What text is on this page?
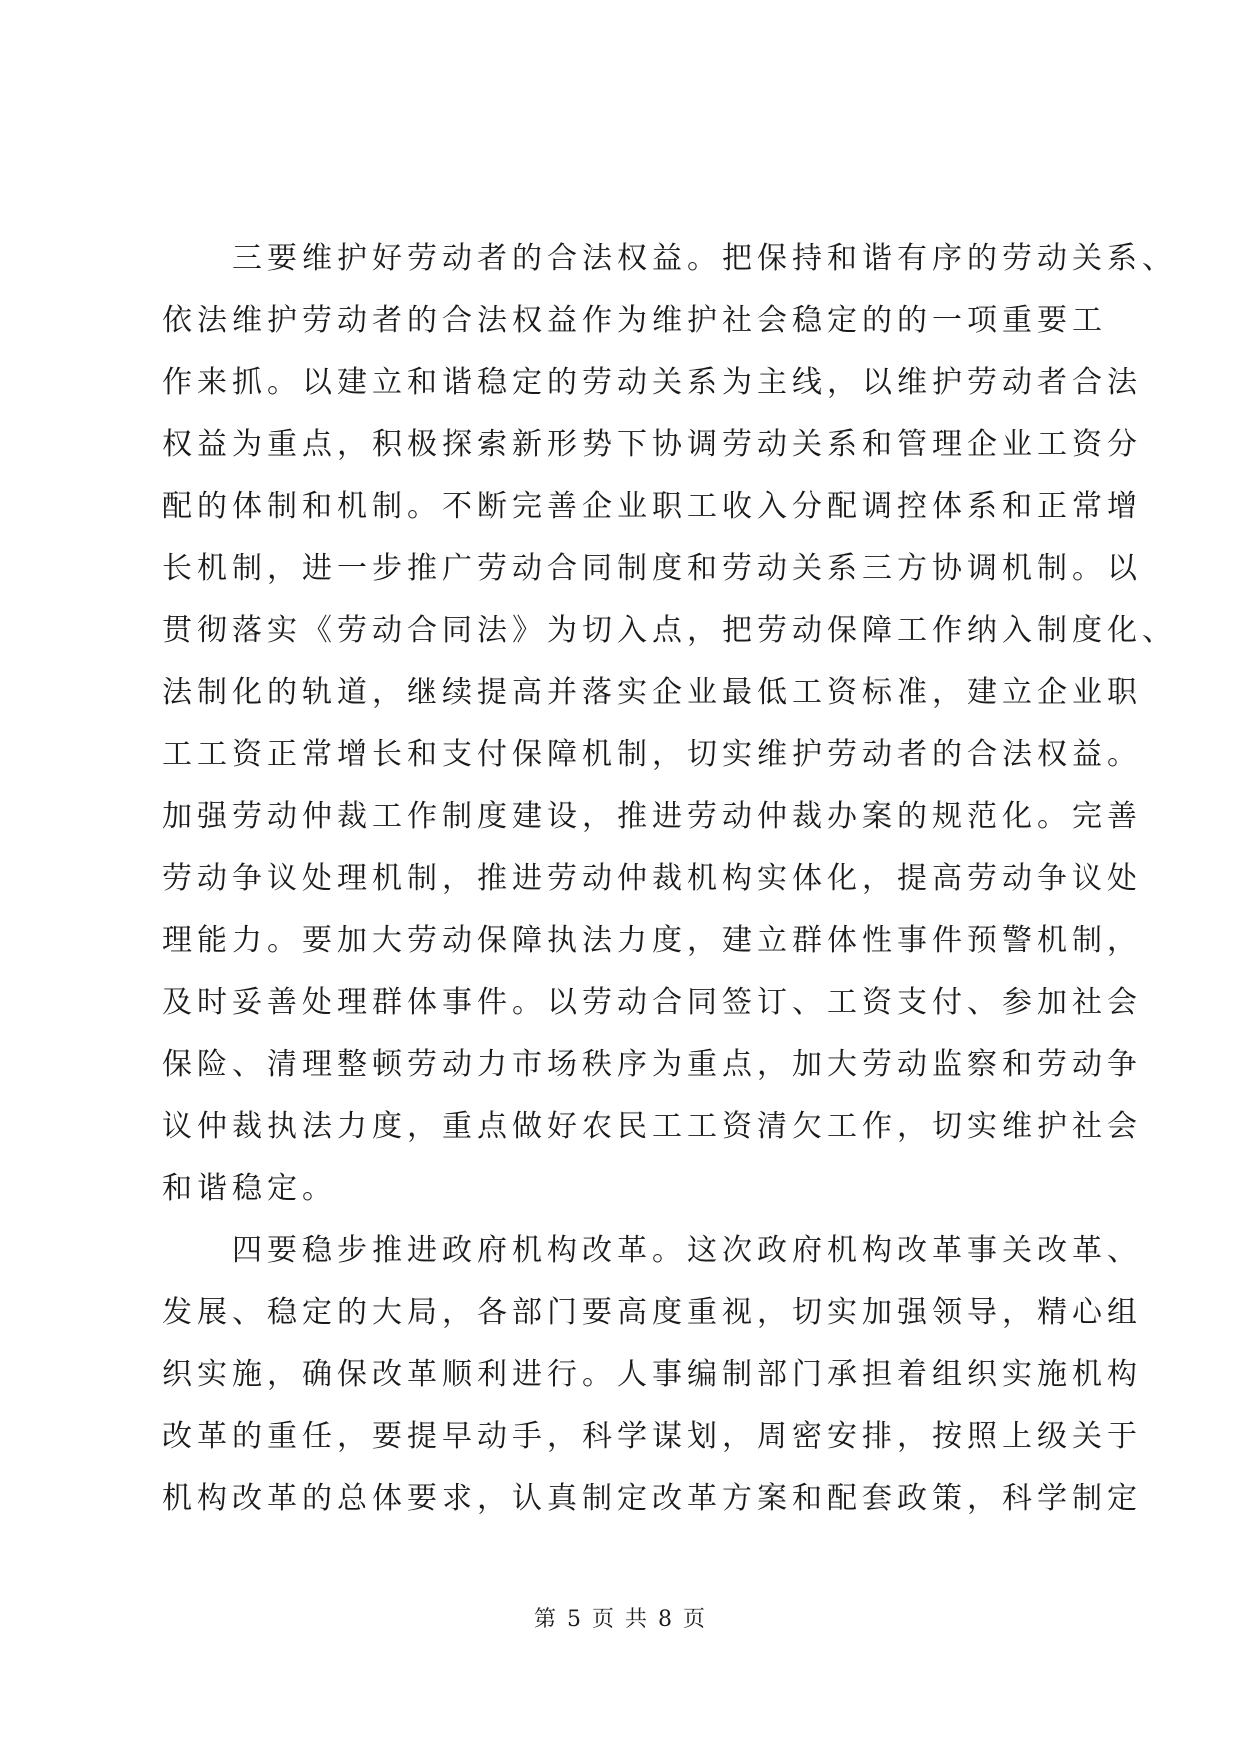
　　三要维护好劳动者的合法权益。把保持和谐有序的劳动关系、
依法维护劳动者的合法权益作为维护社会稳定的的一项重要工
作来抓。以建立和谐稳定的劳动关系为主线，以维护劳动者合法
权益为重点，积极探索新形势下协调劳动关系和管理企业工资分
配的体制和机制。不断完善企业职工收入分配调控体系和正常增
长机制，进一步推广劳动合同制度和劳动关系三方协调机制。以
贯彻落实《劳动合同法》为切入点，把劳动保障工作纳入制度化、
法制化的轨道，继续提高并落实企业最低工资标准，建立企业职
工工资正常增长和支付保障机制，切实维护劳动者的合法权益。
加强劳动仲裁工作制度建设，推进劳动仲裁办案的规范化。完善
劳动争议处理机制，推进劳动仲裁机构实体化，提高劳动争议处
理能力。要加大劳动保障执法力度，建立群体性事件预警机制，
及时妥善处理群体事件。以劳动合同签订、工资支付、参加社会
保险、清理整顿劳动力市场秩序为重点，加大劳动监察和劳动争
议仲裁执法力度，重点做好农民工工资清欠工作，切实维护社会
和谐稳定。
　　四要稳步推进政府机构改革。这次政府机构改革事关改革、
发展、稳定的大局，各部门要高度重视，切实加强领导，精心组
织实施，确保改革顺利进行。人事编制部门承担着组织实施机构
改革的重任，要提早动手，科学谋划，周密安排，按照上级关于
机构改革的总体要求，认真制定改革方案和配套政策，科学制定
第 5 页 共 8 页
